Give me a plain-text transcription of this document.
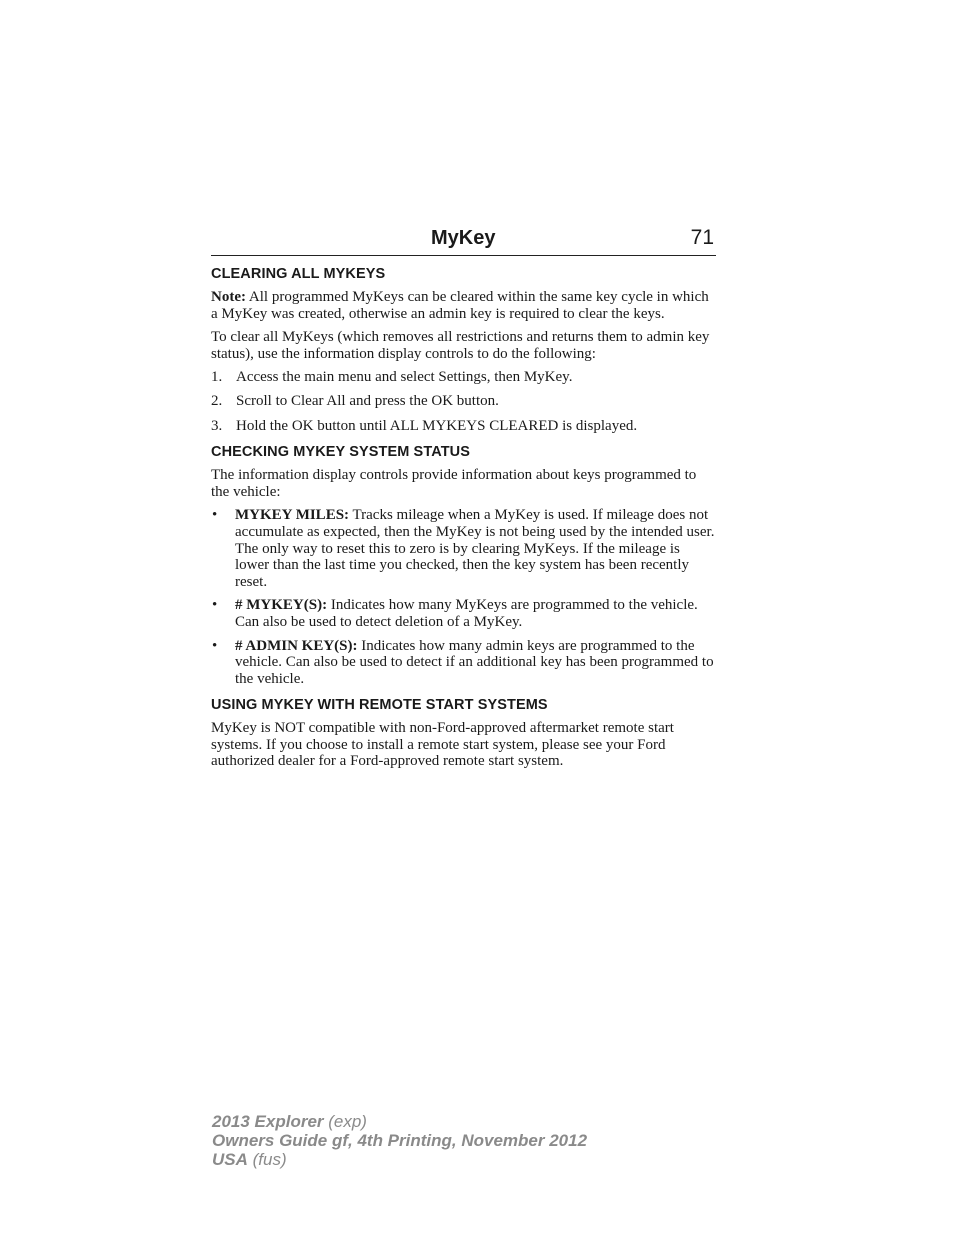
MyKey	71
CLEARING ALL MYKEYS

Note: All programmed MyKeys can be cleared within the same key cycle in which a MyKey was created, otherwise an admin key is required to clear the keys.

To clear all MyKeys (which removes all restrictions and returns them to admin key status), use the information display controls to do the following:

1. Access the main menu and select Settings, then MyKey.
2. Scroll to Clear All and press the OK button.
3. Hold the OK button until ALL MYKEYS CLEARED is displayed.
CHECKING MYKEY SYSTEM STATUS

The information display controls provide information about keys programmed to the vehicle:

•	MYKEY MILES: Tracks mileage when a MyKey is used. If mileage does not accumulate as expected, then the MyKey is not being used by the intended user. The only way to reset this to zero is by clearing MyKeys. If the mileage is lower than the last time you checked, then the key system has been recently reset.
•	# MYKEY(S): Indicates how many MyKeys are programmed to the vehicle. Can also be used to detect deletion of a MyKey.
•	# ADMIN KEY(S): Indicates how many admin keys are programmed to the vehicle. Can also be used to detect if an additional key has been programmed to the vehicle.
USING MYKEY WITH REMOTE START SYSTEMS

MyKey is NOT compatible with non-Ford-approved aftermarket remote start systems. If you choose to install a remote start system, please see your Ford authorized dealer for a Ford-approved remote start system.

2013 Explorer (exp)
Owners Guide gf, 4th Printing, November 2012
USA (fus)
